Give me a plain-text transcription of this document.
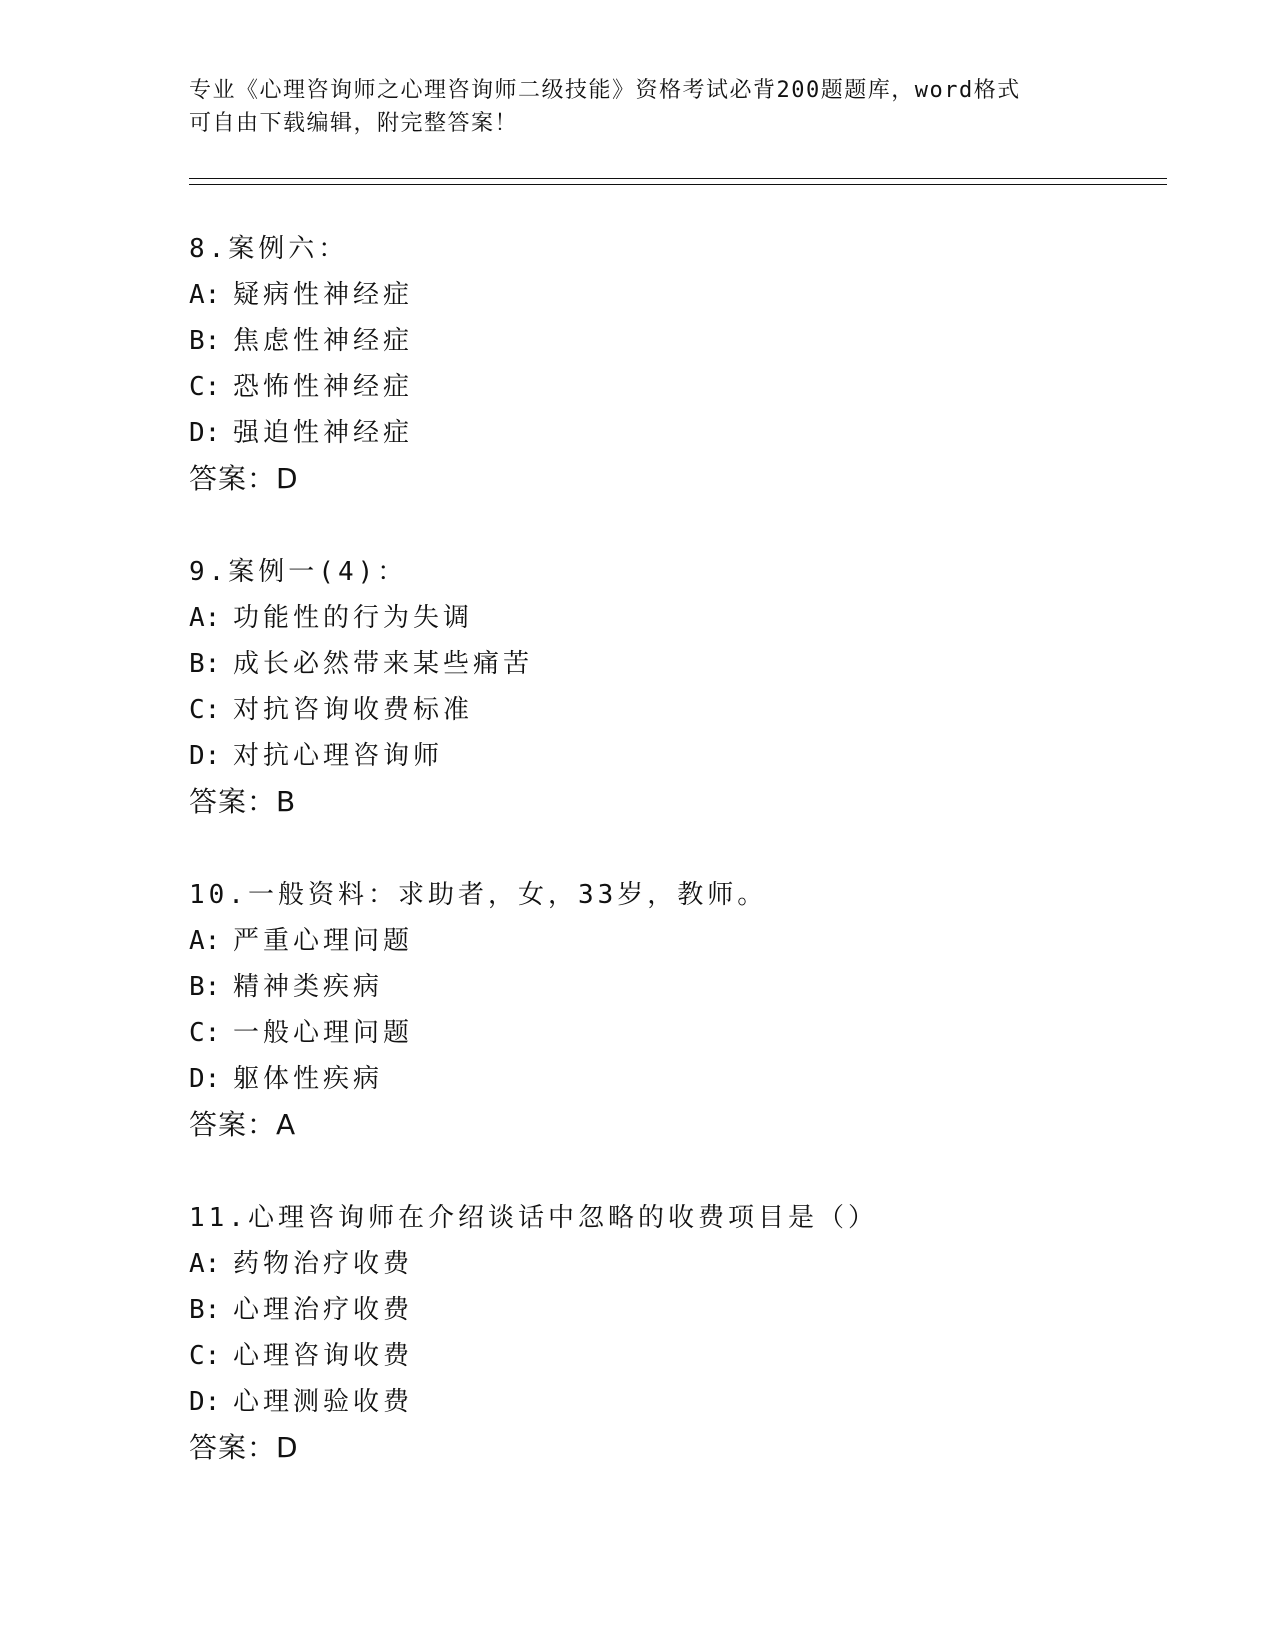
专业《心理咨询师之心理咨询师二级技能》资格考试必背200题题库，word格式
可自由下载编辑，附完整答案！
8.案例六：
A: 疑病性神经症
B: 焦虑性神经症
C: 恐怖性神经症
D: 强迫性神经症
答案：D
9.案例一(4)：
A: 功能性的行为失调
B: 成长必然带来某些痛苦
C: 对抗咨询收费标准
D: 对抗心理咨询师
答案：B
10.一般资料：求助者，女，33岁，教师。
A: 严重心理问题
B: 精神类疾病
C: 一般心理问题
D: 躯体性疾病
答案：A
11.心理咨询师在介绍谈话中忽略的收费项目是（）
A: 药物治疗收费
B: 心理治疗收费
C: 心理咨询收费
D: 心理测验收费
答案：D
